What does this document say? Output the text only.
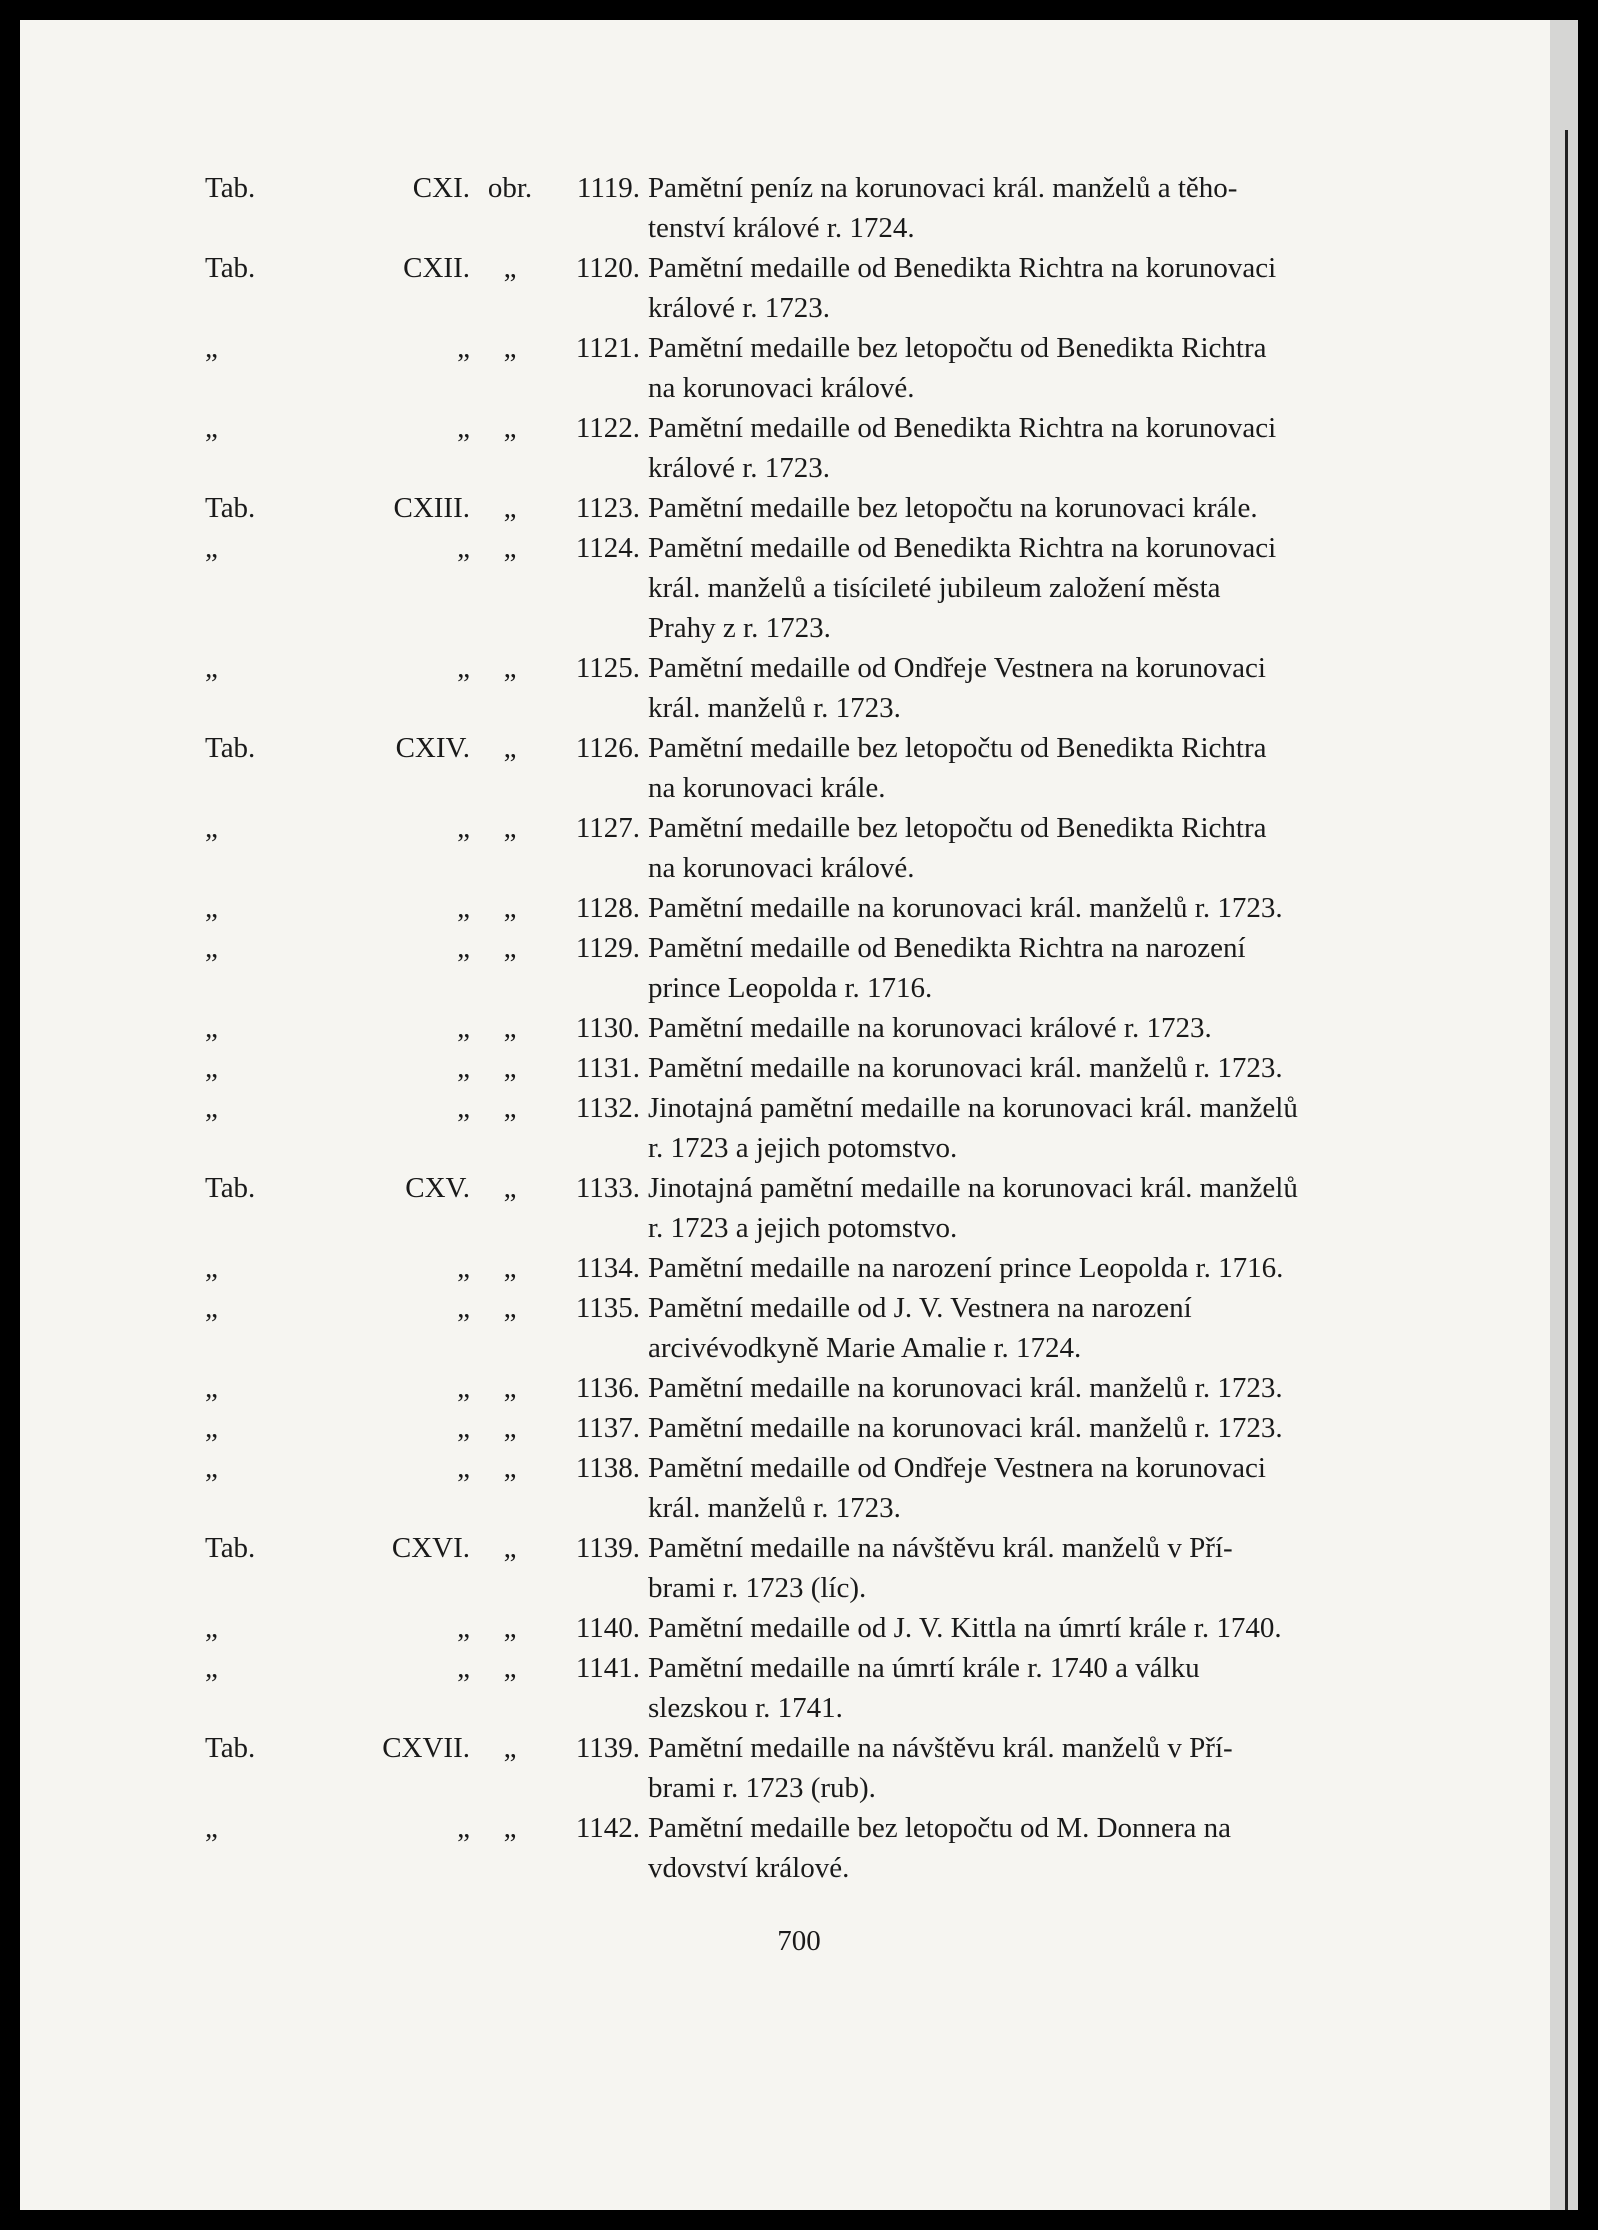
Tab.	CXI. obr.	1119. Pamětní peníz na korunovaci král. manželů a těho-
tenství králové r. 1724.
Tab.	CXII.	„	1120. Pamětní medaille od Benedikta Richtra na korunovaci
králové r. 1723.
„	„	„	1121. Pamětní medaille bez letopočtu od Benedikta Richtra
na korunovaci králové.
„	„	„	1122. Pamětní medaille od Benedikta Richtra na korunovaci
králové r. 1723.
Tab.	CXIII.	„	1123. Pamětní medaille bez letopočtu na korunovaci krále.
„	„	„	1124. Pamětní medaille od Benedikta Richtra na korunovaci
král. manželů a tisícileté jubileum založení města
Prahy z r. 1723.
„	„	„	1125. Pamětní medaille od Ondřeje Vestnera na korunovaci
král. manželů r. 1723.
Tab.	CXIV.	„	1126. Pamětní medaille bez letopočtu od Benedikta Richtra
na korunovaci krále.
„	„	„	1127. Pamětní medaille bez letopočtu od Benedikta Richtra
na korunovaci králové.
„	„	„	1128. Pamětní medaille na korunovaci král. manželů r. 1723.
„	„	„	1129. Pamětní medaille od Benedikta Richtra na narození
prince Leopolda r. 1716.
„	„	„	1130. Pamětní medaille na korunovaci králové r. 1723.
„	„	„	1131. Pamětní medaille na korunovaci král. manželů r. 1723.
„	„	„	1132. Jinotajná pamětní medaille na korunovaci král. manželů
r. 1723 a jejich potomstvo.
Tab.	CXV.	„	1133. Jinotajná pamětní medaille na korunovaci král. manželů
r. 1723 a jejich potomstvo.
„	„	„	1134. Pamětní medaille na narození prince Leopolda r. 1716.
„	„	„	1135. Pamětní medaille od J. V. Vestnera na narození
arcivévodkyně Marie Amalie r. 1724.
„	„	„	1136. Pamětní medaille na korunovaci král. manželů r. 1723.
„	„	„	1137. Pamětní medaille na korunovaci král. manželů r. 1723.
„	„	„	1138. Pamětní medaille od Ondřeje Vestnera na korunovaci
král. manželů r. 1723.
Tab.	CXVI.	„	1139. Pamětní medaille na návštěvu král. manželů v Pří-
brami r. 1723 (líc).
„	„	„	1140. Pamětní medaille od J. V. Kittla na úmrtí krále r. 1740.
„	„	„	1141. Pamětní medaille na úmrtí krále r. 1740 a válku
slezskou r. 1741.
Tab.	CXVII.	„	1139. Pamětní medaille na návštěvu král. manželů v Pří-
brami r. 1723 (rub).
„	„	„	1142. Pamětní medaille bez letopočtu od M. Donnera na
vdovství králové.
700
